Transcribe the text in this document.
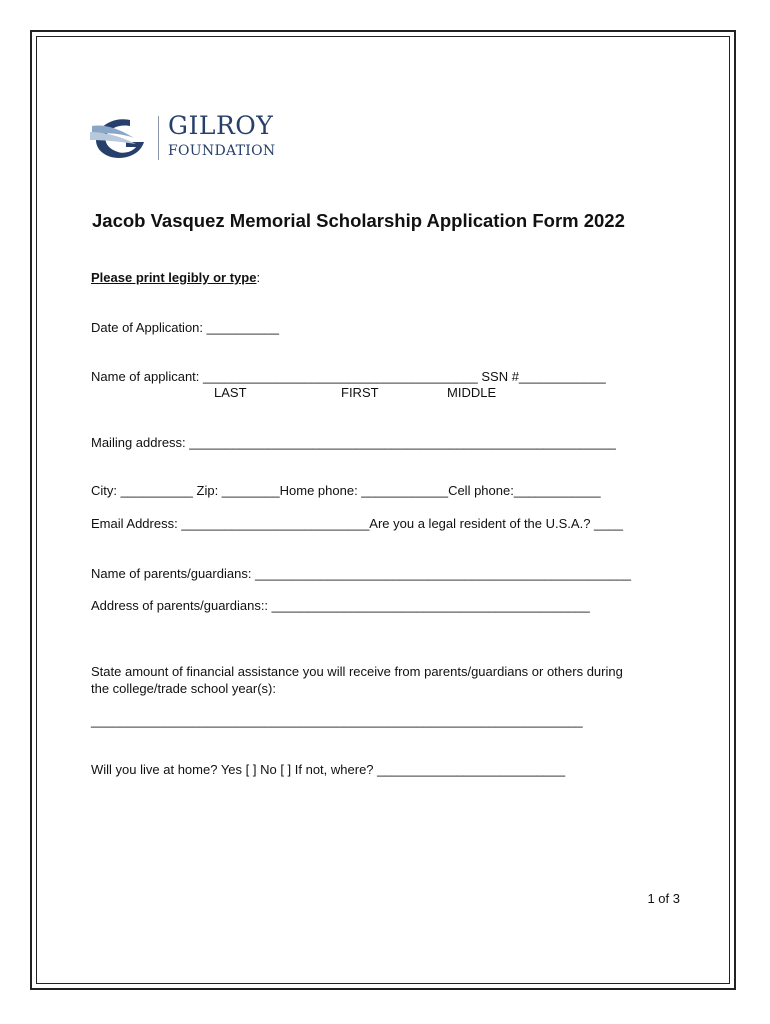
GILROY
FOUNDATION
Jacob Vasquez Memorial Scholarship Application Form 2022
Please print legibly or type:
Date of Application: __________
Name of applicant: ______________________________________ SSN #____________
LAST	FIRST	MIDDLE
Mailing address: ___________________________________________________________
City: __________ Zip: ________Home phone: ____________Cell phone:____________
Email Address: __________________________Are you a legal resident of the U.S.A.? ____
Name of parents/guardians: ____________________________________________________
Address of parents/guardians:: ____________________________________________
State amount of financial assistance you will receive from parents/guardians or others during
the college/trade school year(s):
____________________________________________________________________
Will you live at home? Yes [ ] No [ ] If not, where? __________________________
1 of 3
